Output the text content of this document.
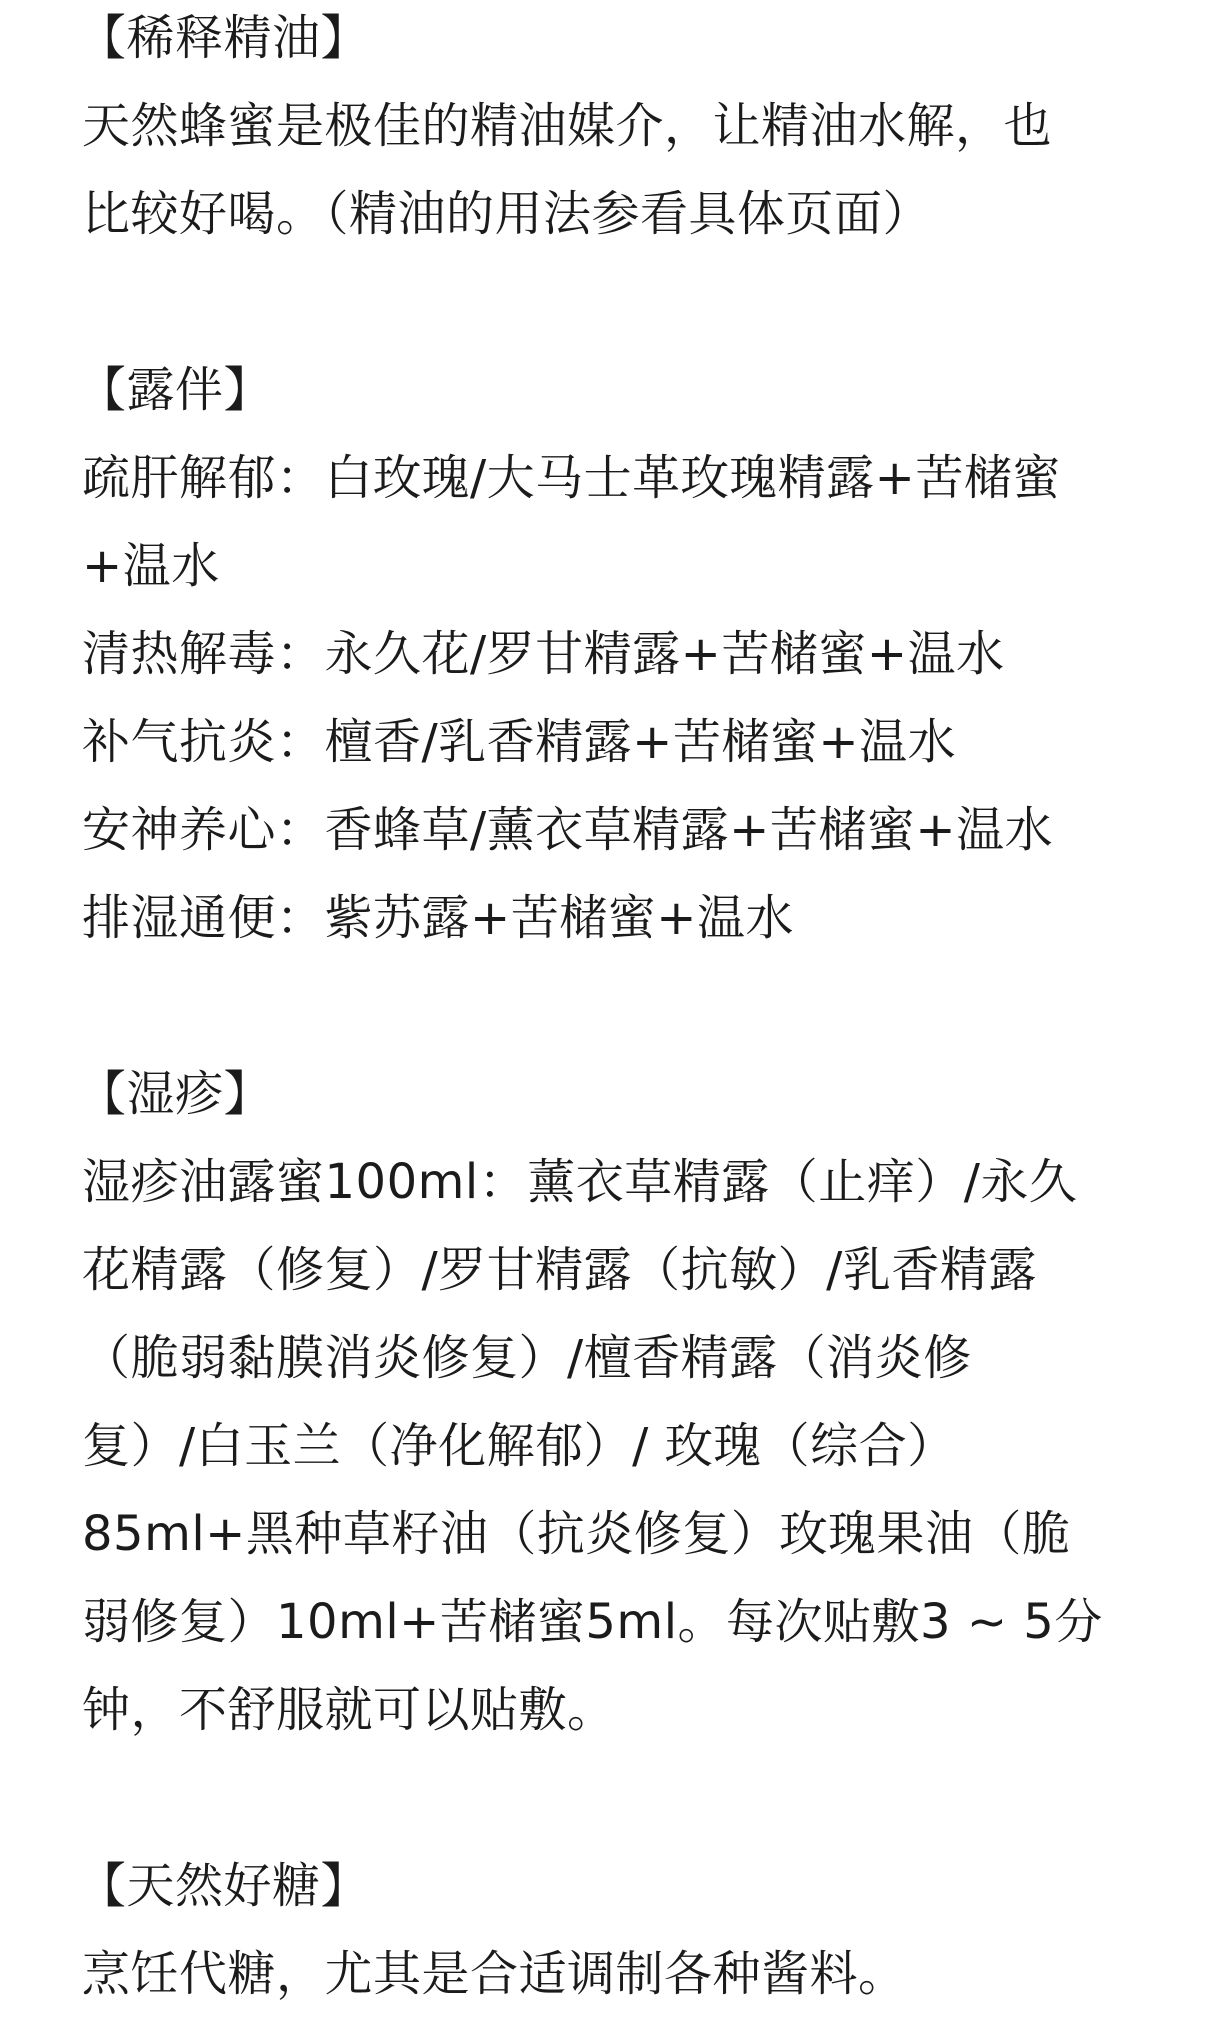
【稀释精油】
天然蜂蜜是极佳的精油媒介，让精油水解，也
比较好喝。（精油的用法参看具体页面）
【露伴】
疏肝解郁：白玫瑰/大马士革玫瑰精露+苦槠蜜
+温水
清热解毒：永久花/罗甘精露+苦槠蜜+温水
补气抗炎：檀香/乳香精露+苦槠蜜+温水
安神养心：香蜂草/薰衣草精露+苦槠蜜+温水
排湿通便：紫苏露+苦槠蜜+温水
【湿疹】
湿疹油露蜜100ml：薰衣草精露（止痒）/永久
花精露（修复）/罗甘精露（抗敏）/乳香精露
（脆弱黏膜消炎修复）/檀香精露（消炎修
复）/白玉兰（净化解郁）/ 玫瑰（综合）
85ml+黑种草籽油（抗炎修复）玫瑰果油（脆
弱修复）10ml+苦槠蜜5ml。每次贴敷3 ~ 5分
钟，不舒服就可以贴敷。
【天然好糖】
烹饪代糖，尤其是合适调制各种酱料。
